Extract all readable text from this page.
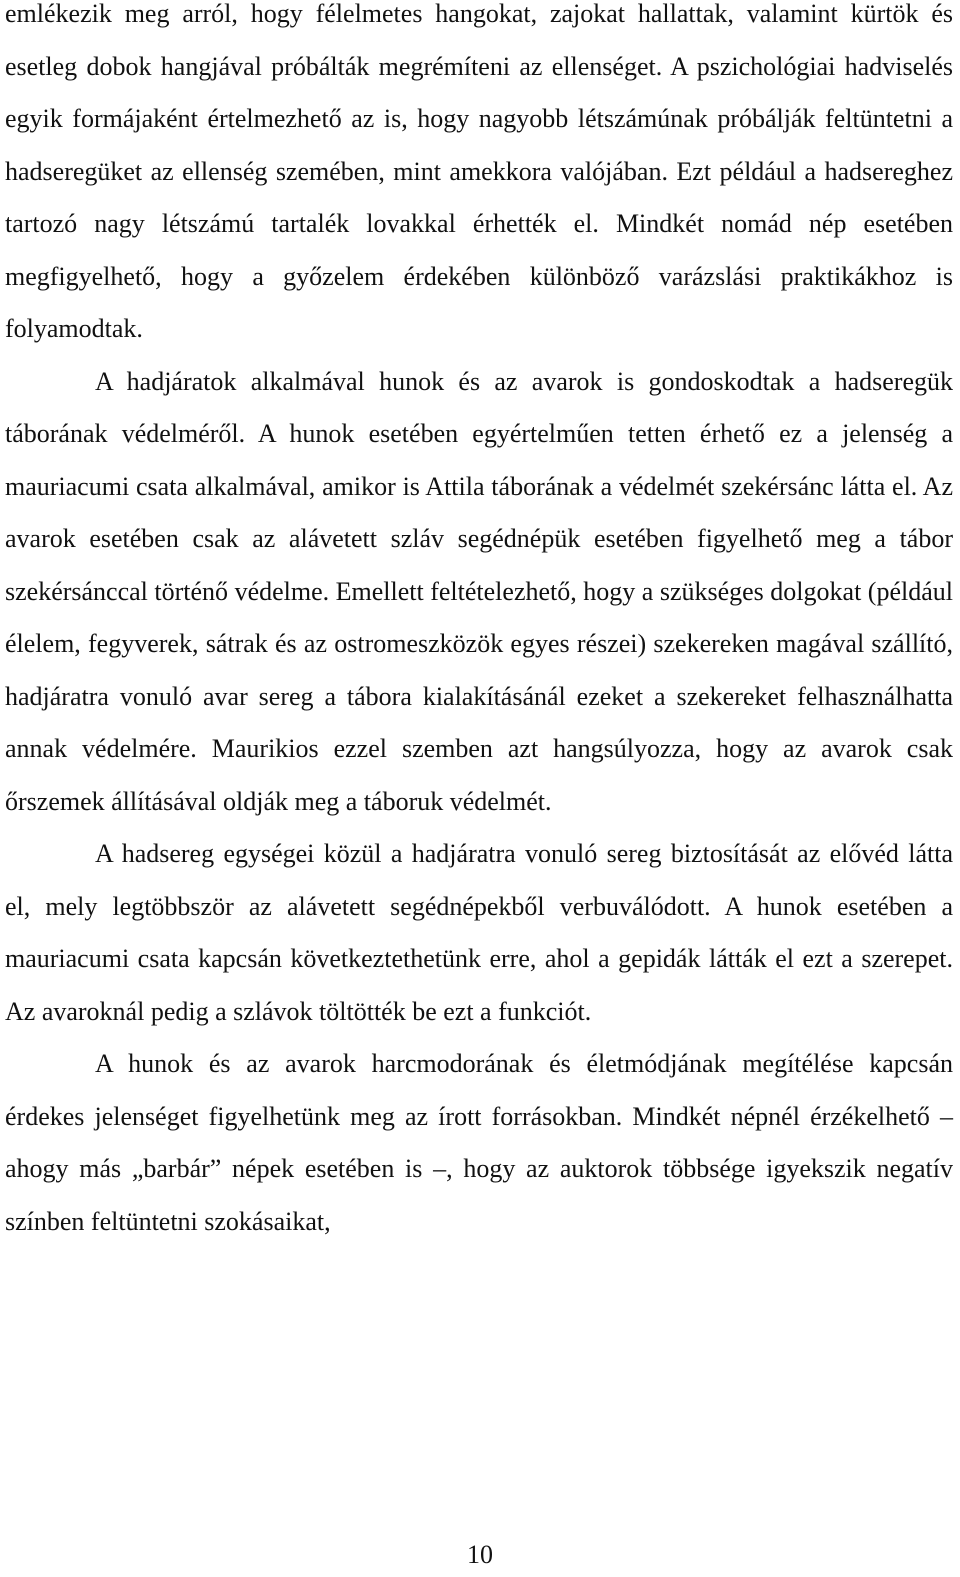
emlékezik meg arról, hogy félelmetes hangokat, zajokat hallattak, valamint kürtök és esetleg dobok hangjával próbálták megrémíteni az ellenséget. A pszichológiai hadviselés egyik formájaként értelmezhető az is, hogy nagyobb létszámúnak próbálják feltüntetni a hadseregüket az ellenség szemében, mint amekkora valójában. Ezt például a hadsereghez tartozó nagy létszámú tartalék lovakkal érhették el. Mindkét nomád nép esetében megfigyelhető, hogy a győzelem érdekében különböző varázslási praktikákhoz is folyamodtak.

A hadjáratok alkalmával hunok és az avarok is gondoskodtak a hadseregük táborának védelméről. A hunok esetében egyértelműen tetten érhető ez a jelenség a mauriacumi csata alkalmával, amikor is Attila táborának a védelmét szekérsánc látta el. Az avarok esetében csak az alávetett szláv segédnépük esetében figyelhető meg a tábor szekérsánccal történő védelme. Emellett feltételezhető, hogy a szükséges dolgokat (például élelem, fegyverek, sátrak és az ostromeszközök egyes részei) szekereken magával szállító, hadjáratra vonuló avar sereg a tábora kialakításánál ezeket a szekereket felhasználhatta annak védelmére. Maurikios ezzel szemben azt hangsúlyozza, hogy az avarok csak őrszemek állításával oldják meg a táboruk védelmét.

A hadsereg egységei közül a hadjáratra vonuló sereg biztosítását az elővéd látta el, mely legtöbbször az alávetett segédnépekből verbuválódott. A hunok esetében a mauriacumi csata kapcsán következtethetünk erre, ahol a gepidák látták el ezt a szerepet. Az avaroknál pedig a szlávok töltötték be ezt a funkciót.

A hunok és az avarok harcmodorának és életmódjának megítélése kapcsán érdekes jelenséget figyelhetünk meg az írott forrásokban. Mindkét népnél érzékelhető – ahogy más „barbár” népek esetében is –, hogy az auktorok többsége igyekszik negatív színben feltüntetni szokásaikat,

10
